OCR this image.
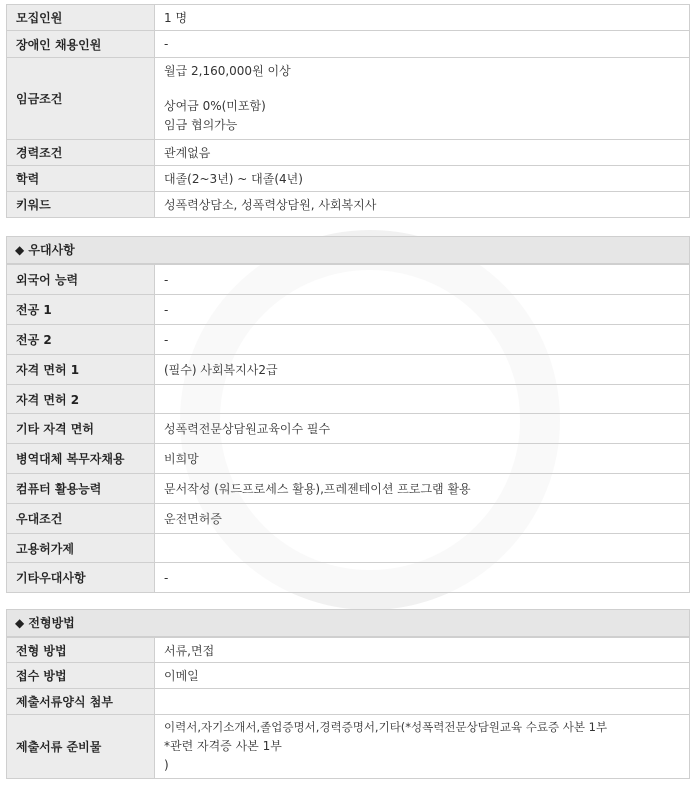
모집인원	1 명
장애인 채용인원	-
임금조건	월급 2,160,000원 이상
상여금 0%(미포함)
임금 협의가능

경력조건	관계없음
학력	대졸(2~3년) ~ 대졸(4년)
키워드	성폭력상담소, 성폭력상담원, 사회복지사
◆ 우대사항
외국어 능력	-
전공 1	-
전공 2	-
자격 면허 1	(필수) 사회복지사2급
자격 면허 2	
기타 자격 면허	성폭력전문상담원교육이수 필수
병역대체 복무자채용	비희망
컴퓨터 활용능력	문서작성 (워드프로세스 활용),프레젠테이션 프로그램 활용
우대조건	운전면허증
고용허가제	
기타우대사항	-
◆ 전형방법
전형 방법	서류,면접
접수 방법	이메일
제출서류양식 첨부	
제출서류 준비물	이력서,자기소개서,졸업증명서,경력증명서,기타(*성폭력전문상담원교육 수료증 사본 1부
*관련 자격증 사본 1부
)
